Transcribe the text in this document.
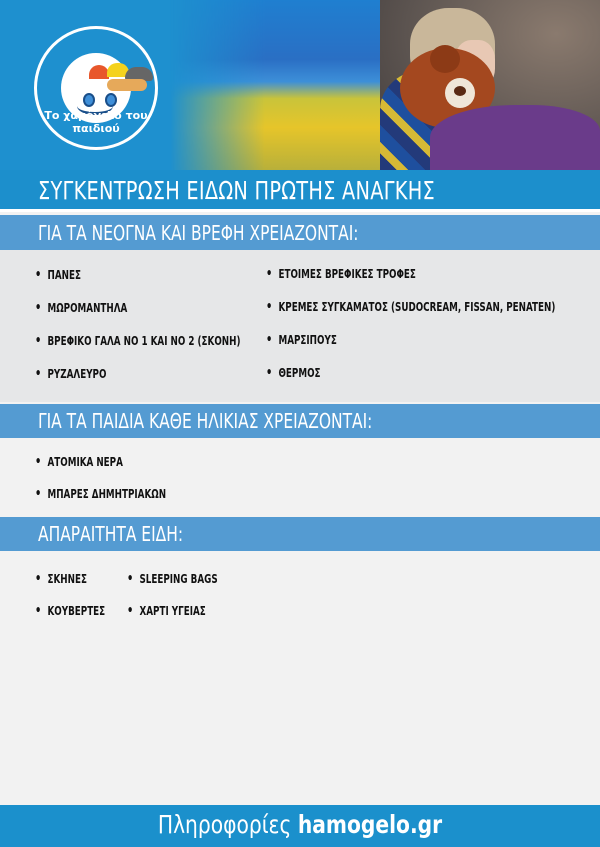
Το χαμόγελο του παιδιού
ΣΥΓΚΕΝΤΡΩΣΗ ΕΙΔΩΝ ΠΡΩΤΗΣ ΑΝΑΓΚΗΣ
ΓΙΑ ΤΑ ΝΕΟΓΝΑ ΚΑΙ ΒΡΕΦΗ ΧΡΕΙΑΖΟΝΤΑΙ:
• ΠΑΝΕΣ
• ΜΩΡΟΜΑΝΤΗΛΑ
• ΒΡΕΦΙΚΟ ΓΑΛΑ ΝΟ 1 ΚΑΙ ΝΟ 2 (ΣΚΟΝΗ)
• ΡΥΖΑΛΕΥΡΟ
• ΕΤΟΙΜΕΣ ΒΡΕΦΙΚΕΣ ΤΡΟΦΕΣ
• ΚΡΕΜΕΣ ΣΥΓΚΑΜΑΤΟΣ (SUDOCREAM, FISSAN, PENATEN)
• ΜΑΡΣΙΠΟΥΣ
• ΘΕΡΜΟΣ
ΓΙΑ ΤΑ ΠΑΙΔΙΑ ΚΑΘΕ ΗΛΙΚΙΑΣ ΧΡΕΙΑΖΟΝΤΑΙ:
• ΑΤΟΜΙΚΑ ΝΕΡΑ
• ΜΠΑΡΕΣ ΔΗΜΗΤΡΙΑΚΩΝ
ΑΠΑΡΑΙΤΗΤΑ ΕΙΔΗ:
• ΣΚΗΝΕΣ
• ΚΟΥΒΕΡΤΕΣ
• SLEEPING BAGS
• ΧΑΡΤΙ ΥΓΕΙΑΣ
Πληροφορίες hamogelo.gr
